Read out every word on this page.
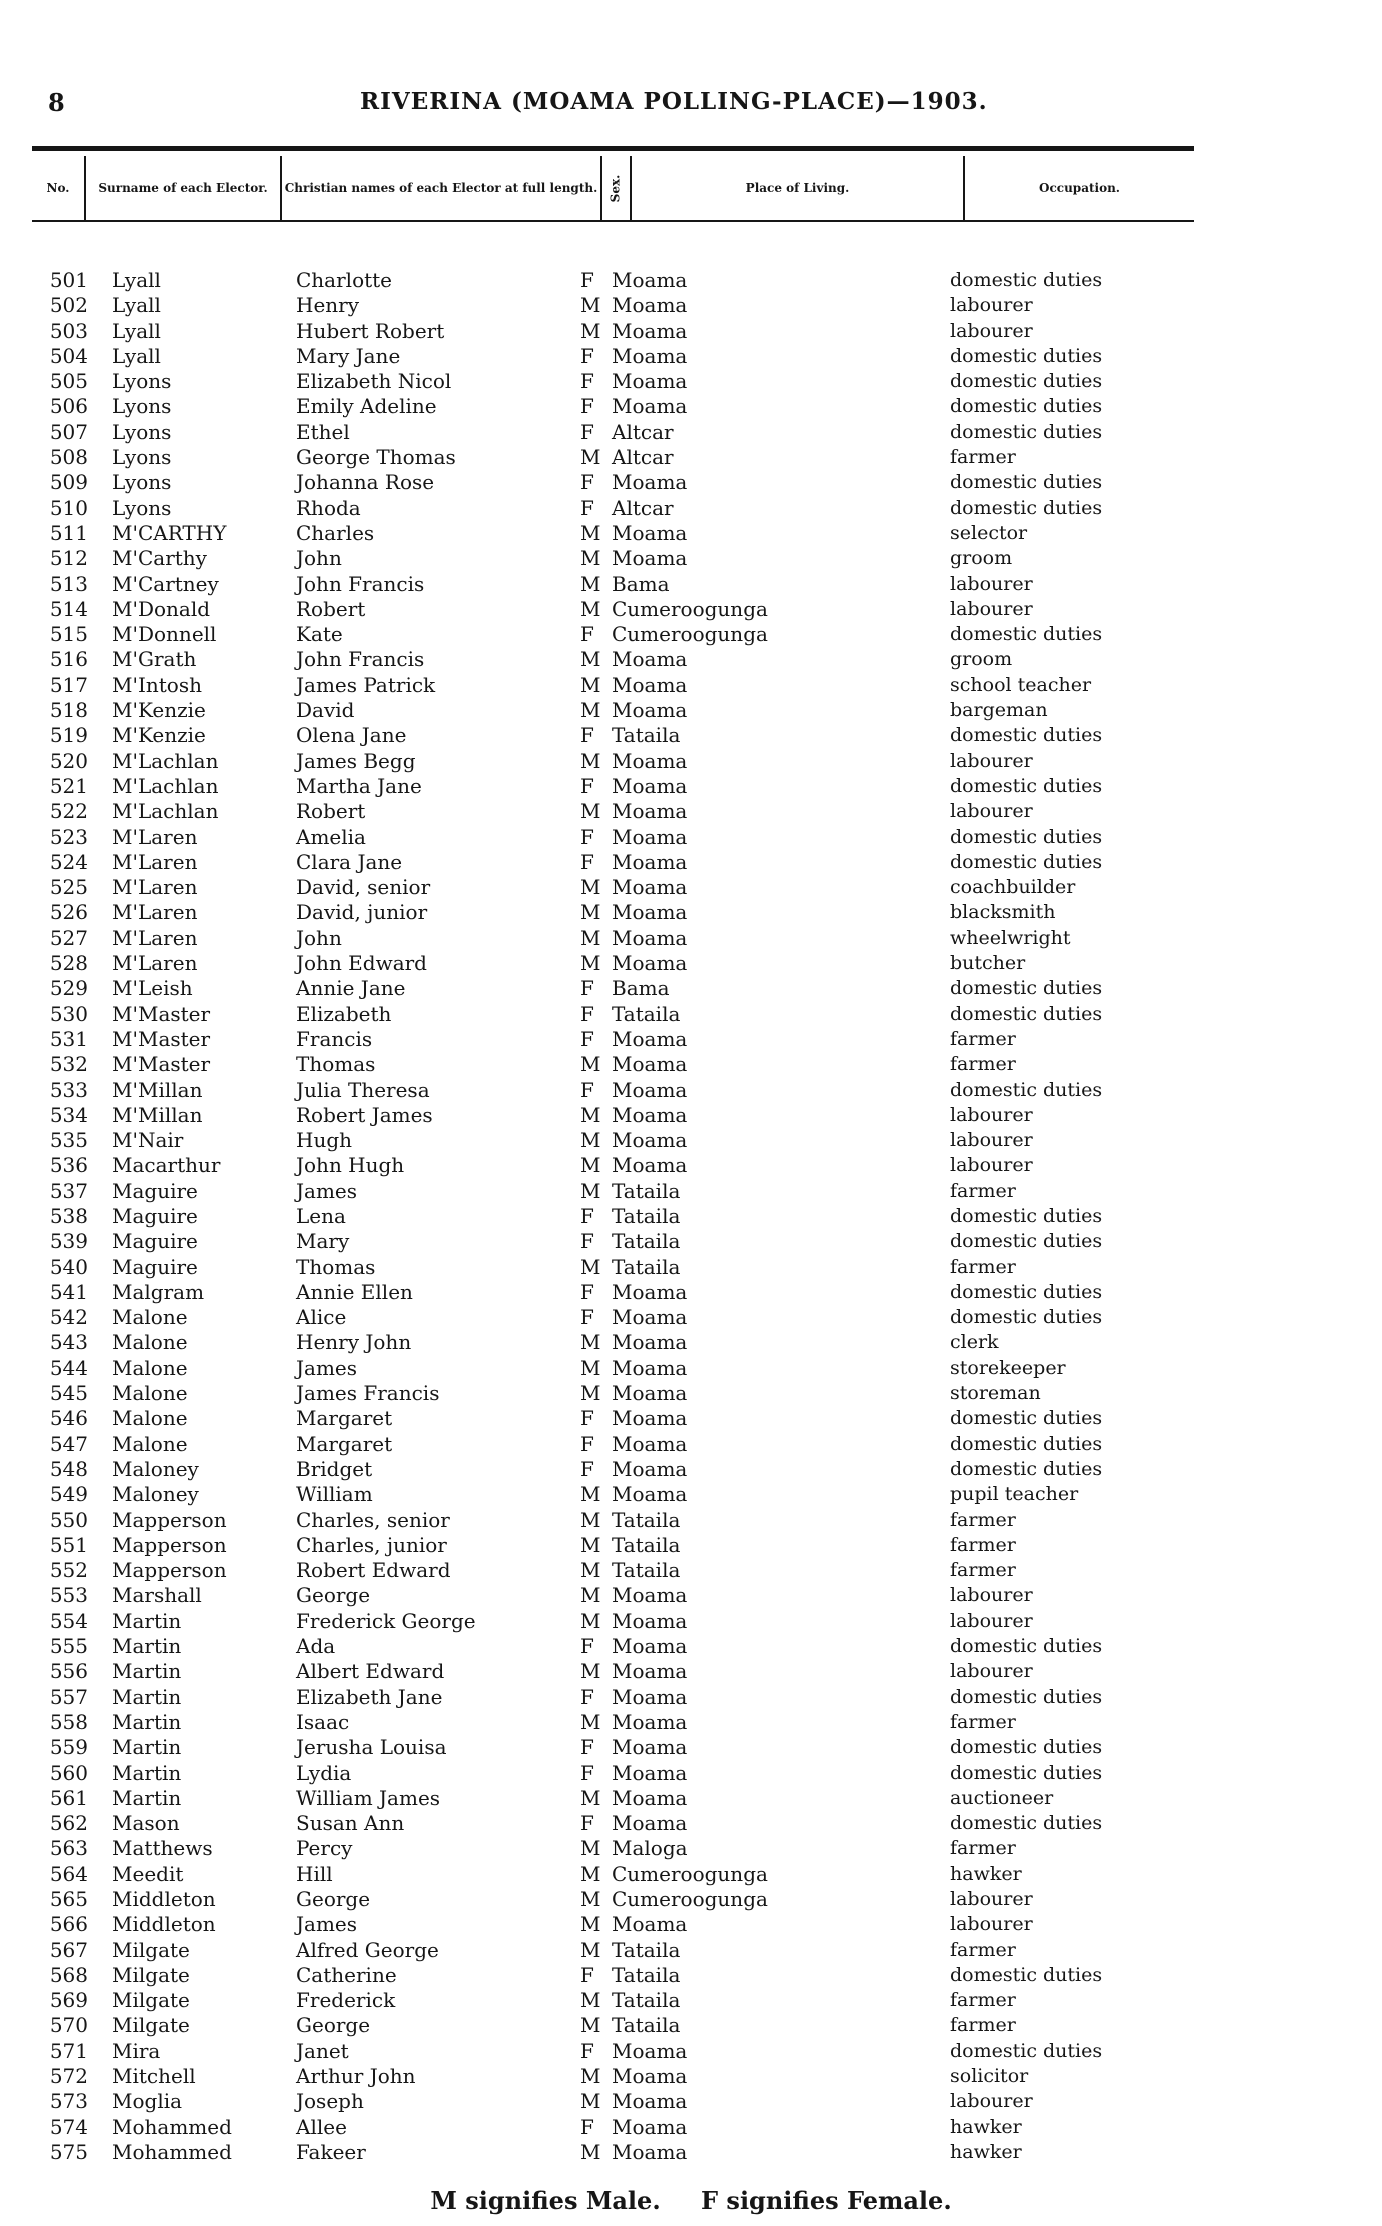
8	RIVERINA (MOAMA POLLING-PLACE)—1903.
No.	Surname of each Elector.	Christian names of each Elector at full length. Sex.	Place of Living.	Occupation.
501 Lyall	Charlotte	F Moama	domestic duties
502 Lyall	Henry	M Moama	labourer
503 Lyall	Hubert Robert	M Moama	labourer
504 Lyall	Mary Jane	F Moama	domestic duties
505 Lyons	Elizabeth Nicol	F Moama	domestic duties
506 Lyons	Emily Adeline	F Moama	domestic duties
507 Lyons	Ethel	F Altcar	domestic duties
508 Lyons	George Thomas	M Altcar	farmer
509 Lyons	Johanna Rose	F Moama	domestic duties
510 Lyons	Rhoda	F Altcar	domestic duties
511 M'CARTHY	Charles	M Moama	selector
512 M'Carthy	John	M Moama	groom
513 M'Cartney	John Francis	M Bama	labourer
514 M'Donald	Robert	M Cumeroogunga	labourer
515 M'Donnell	Kate	F Cumeroogunga	domestic duties
516 M'Grath	John Francis	M Moama	groom
517 M'Intosh	James Patrick	M Moama	school teacher
518 M'Kenzie	David	M Moama	bargeman
519 M'Kenzie	Olena Jane	F Tataila	domestic duties
520 M'Lachlan	James Begg	M Moama	labourer
521 M'Lachlan	Martha Jane	F Moama	domestic duties
522 M'Lachlan	Robert	M Moama	labourer
523 M'Laren	Amelia	F Moama	domestic duties
524 M'Laren	Clara Jane	F Moama	domestic duties
525 M'Laren	David, senior	M Moama	coachbuilder
526 M'Laren	David, junior	M Moama	blacksmith
527 M'Laren	John	M Moama	wheelwright
528 M'Laren	John Edward	M Moama	butcher
529 M'Leish	Annie Jane	F Bama	domestic duties
530 M'Master	Elizabeth	F Tataila	domestic duties
531 M'Master	Francis	F Moama	farmer
532 M'Master	Thomas	M Moama	farmer
533 M'Millan	Julia Theresa	F Moama	domestic duties
534 M'Millan	Robert James	M Moama	labourer
535 M'Nair	Hugh	M Moama	labourer
536 Macarthur	John Hugh	M Moama	labourer
537 Maguire	James	M Tataila	farmer
538 Maguire	Lena	F Tataila	domestic duties
539 Maguire	Mary	F Tataila	domestic duties
540 Maguire	Thomas	M Tataila	farmer
541 Malgram	Annie Ellen	F Moama	domestic duties
542 Malone	Alice	F Moama	domestic duties
543 Malone	Henry John	M Moama	clerk
544 Malone	James	M Moama	storekeeper
545 Malone	James Francis	M Moama	storeman
546 Malone	Margaret	F Moama	domestic duties
547 Malone	Margaret	F Moama	domestic duties
548 Maloney	Bridget	F Moama	domestic duties
549 Maloney	William	M Moama	pupil teacher
550 Mapperson	Charles, senior	M Tataila	farmer
551 Mapperson	Charles, junior	M Tataila	farmer
552 Mapperson	Robert Edward	M Tataila	farmer
553 Marshall	George	M Moama	labourer
554 Martin	Frederick George	M Moama	labourer
555 Martin	Ada	F Moama	domestic duties
556 Martin	Albert Edward	M Moama	labourer
557 Martin	Elizabeth Jane	F Moama	domestic duties
558 Martin	Isaac	M Moama	farmer
559 Martin	Jerusha Louisa	F Moama	domestic duties
560 Martin	Lydia	F Moama	domestic duties
561 Martin	William James	M Moama	auctioneer
562 Mason	Susan Ann	F Moama	domestic duties
563 Matthews	Percy	M Maloga	farmer
564 Meedit	Hill	M Cumeroogunga	hawker
565 Middleton	George	M Cumeroogunga	labourer
566 Middleton	James	M Moama	labourer
567 Milgate	Alfred George	M Tataila	farmer
568 Milgate	Catherine	F Tataila	domestic duties
569 Milgate	Frederick	M Tataila	farmer
570 Milgate	George	M Tataila	farmer
571 Mira	Janet	F Moama	domestic duties
572 Mitchell	Arthur John	M Moama	solicitor
573 Moglia	Joseph	M Moama	labourer
574 Mohammed	Allee	F Moama	hawker
575 Mohammed	Fakeer	M Moama	hawker
M signifies Male. F signifies Female.
